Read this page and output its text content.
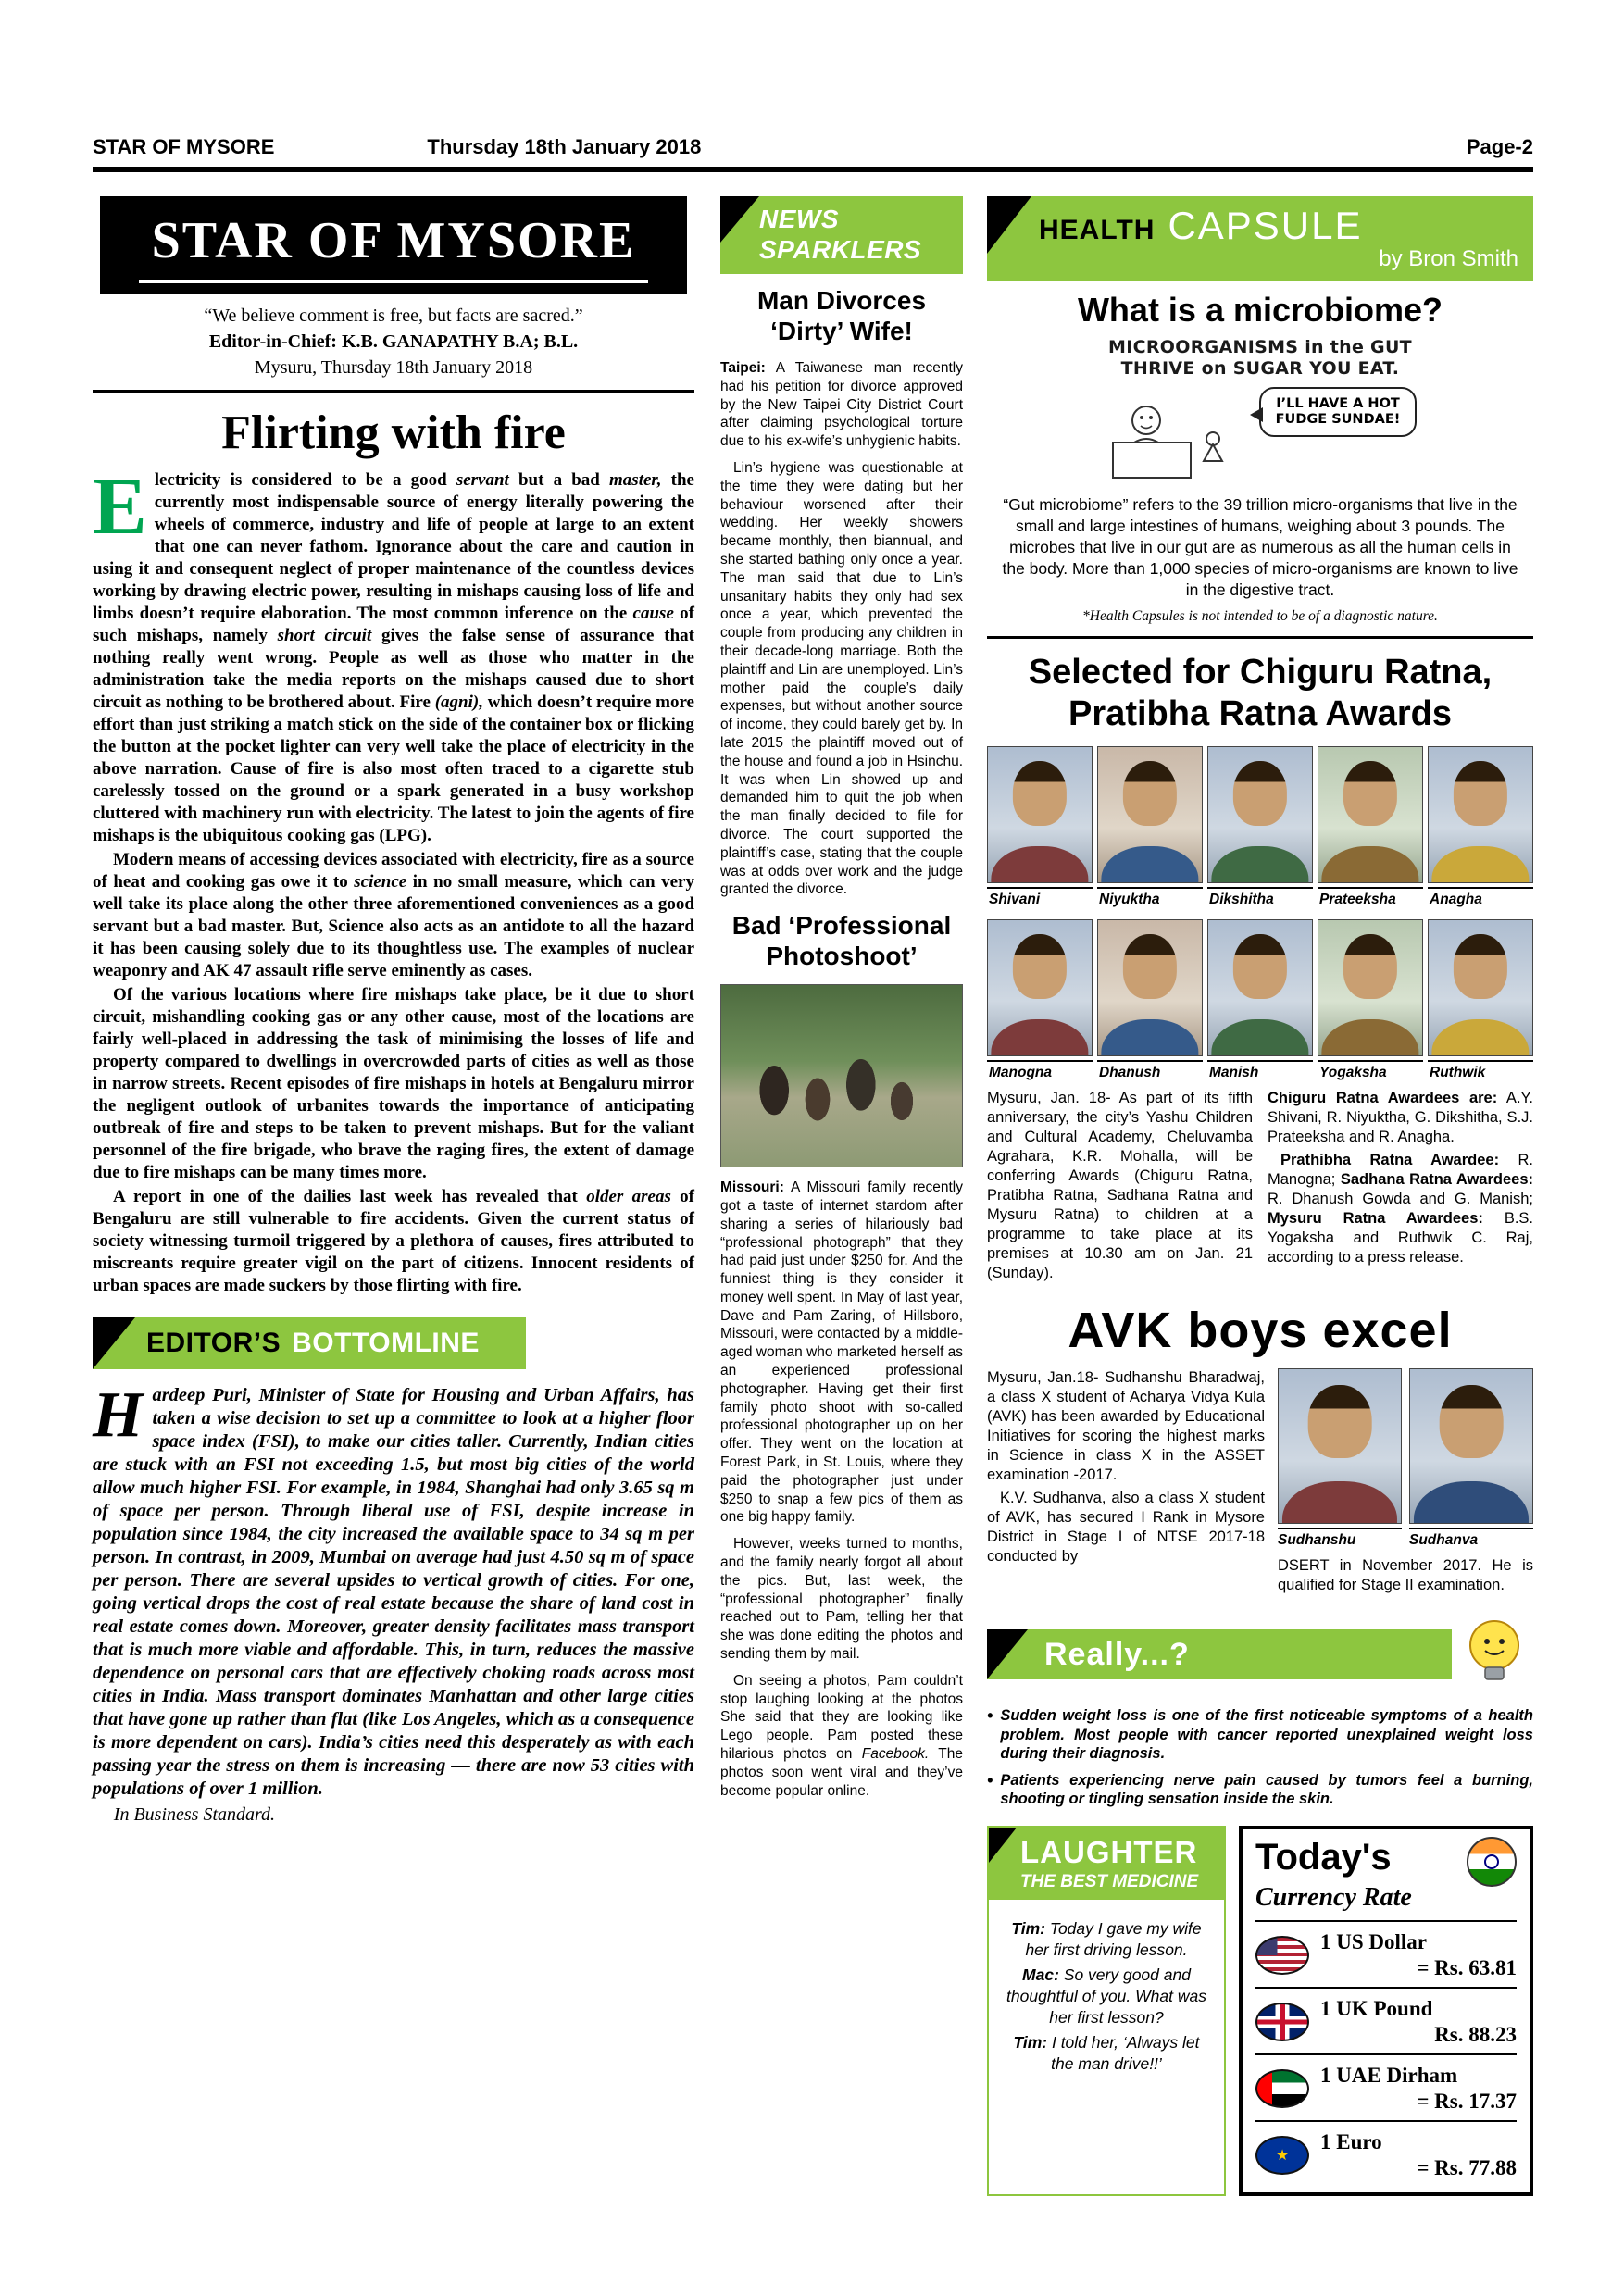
STAR OF MYSORE	Thursday 18th January 2018	Page-2
STAR OF MYSORE
“We believe comment is free, but facts are sacred.”
Editor-in-Chief: K.B. GANAPATHY B.A; B.L.
Mysuru, Thursday 18th January 2018
Flirting with fire

Electricity is considered to be a good servant but a bad master, the currently most indispensable source of energy literally powering the wheels of commerce, industry and life of people at large to an extent that one can never fathom. Ignorance about the care and caution in using it and consequent neglect of proper maintenance of the countless devices working by drawing electric power, resulting in mishaps causing loss of life and limbs doesn’t require elaboration. The most common inference on the cause of such mishaps, namely short circuit gives the false sense of assurance that nothing really went wrong. People as well as those who matter in the administration take the media reports on the mishaps caused due to short circuit as nothing to be brothered about. Fire (agni), which doesn’t require more effort than just striking a match stick on the side of the container box or flicking the button at the pocket lighter can very well take the place of electricity in the above narration. Cause of fire is also most often traced to a cigarette stub carelessly tossed on the ground or a spark generated in a busy workshop cluttered with machinery run with electricity. The latest to join the agents of fire mishaps is the ubiquitous cooking gas (LPG).

Modern means of accessing devices associated with electricity, fire as a source of heat and cooking gas owe it to science in no small measure, which can very well take its place along the other three aforementioned conveniences as a good servant but a bad master. But, Science also acts as an antidote to all the hazard it has been causing solely due to its thoughtless use. The examples of nuclear weaponry and AK 47 assault rifle serve eminently as cases.

Of the various locations where fire mishaps take place, be it due to short circuit, mishandling cooking gas or any other cause, most of the locations are fairly well-placed in addressing the task of minimising the losses of life and property compared to dwellings in overcrowded parts of cities as well as those in narrow streets. Recent episodes of fire mishaps in hotels at Bengaluru mirror the negligent outlook of urbanites towards the importance of anticipating outbreak of fire and steps to be taken to prevent mishaps. But for the valiant personnel of the fire brigade, who brave the raging fires, the extent of damage due to fire mishaps can be many times more.

A report in one of the dailies last week has revealed that older areas of Bengaluru are still vulnerable to fire accidents. Given the current status of society witnessing turmoil triggered by a plethora of causes, fires attributed to miscreants require greater vigil on the part of citizens. Innocent residents of urban spaces are made suckers by those flirting with fire.

EDITOR’S BOTTOMLINE

Hardeep Puri, Minister of State for Housing and Urban Affairs, has taken a wise decision to set up a committee to look at a higher floor space index (FSI), to make our cities taller. Currently, Indian cities are stuck with an FSI not exceeding 1.5, but most big cities of the world allow much higher FSI. For example, in 1984, Shanghai had only 3.65 sq m of space per person. Through liberal use of FSI, despite increase in population since 1984, the city increased the available space to 34 sq m per person. In contrast, in 2009, Mumbai on average had just 4.50 sq m of space per person. There are several upsides to vertical growth of cities. For one, going vertical drops the cost of real estate because the share of land cost in real estate comes down. Moreover, greater density facilitates mass transport that is much more viable and affordable. This, in turn, reduces the massive dependence on personal cars that are effectively choking roads across most cities in India. Mass transport dominates Manhattan and other large cities that have gone up rather than flat (like Los Angeles, which as a consequence is more dependent on cars). India’s cities need this desperately as with each passing year the stress on them is increasing — there are now 53 cities with populations of over 1 million.

— In Business Standard.

NEWS
SPARKLERS
Man Divorces ‘Dirty’ Wife!

Taipei: A Taiwanese man recently had his petition for divorce approved by the New Taipei City District Court after claiming psychological torture due to his ex-wife’s unhygienic habits.

Lin’s hygiene was questionable at the time they were dating but her behaviour worsened after their wedding. Her weekly showers became monthly, then biannual, and she started bathing only once a year. The man said that due to Lin’s unsanitary habits they only had sex once a year, which prevented the couple from producing any children in their decade-long marriage. Both the plaintiff and Lin are unemployed. Lin’s mother paid the couple’s daily expenses, but without another source of income, they could barely get by. In late 2015 the plaintiff moved out of the house and found a job in Hsinchu. It was when Lin showed up and demanded him to quit the job when the man finally decided to file for divorce. The court supported the plaintiff’s case, stating that the couple was at odds over work and the judge granted the divorce.

Bad ‘Professional Photoshoot’

Missouri: A Missouri family recently got a taste of internet stardom after sharing a series of hilariously bad “professional photograph” that they had paid just under $250 for. And the funniest thing is they consider it money well spent. In May of last year, Dave and Pam Zaring, of Hillsboro, Missouri, were contacted by a middle-aged woman who marketed herself as an experienced professional photographer. Having get their first family photo shoot with so-called professional photographer up on her offer. They went on the location at Forest Park, in St. Louis, where they paid the photographer just under $250 to snap a few pics of them as one big happy family.

However, weeks turned to months, and the family nearly forgot all about the pics. But, last week, the “professional photographer” finally reached out to Pam, telling her that she was done editing the photos and sending them by mail.

On seeing a photos, Pam couldn’t stop laughing looking at the photos She said that they are looking like Lego people. Pam posted these hilarious photos on Facebook. The photos soon went viral and they’ve become popular online.

HEALTH CAPSULE
by Bron Smith
What is a microbiome?
MICROORGANISMS in the GUT
THRIVE on SUGAR YOU EAT.
I’LL HAVE A HOT FUDGE SUNDAE!

“Gut microbiome” refers to the 39 trillion micro-organisms that live in the small and large intestines of humans, weighing about 3 pounds. The microbes that live in our gut are as numerous as all the human cells in the body. More than 1,000 species of micro-organisms are known to live in the digestive tract.

*Health Capsules is not intended to be of a diagnostic nature.

Selected for Chiguru Ratna,
Pratibha Ratna Awards
Shivani	Niyuktha	Dikshitha	Prateeksha	Anagha
Manogna	Dhanush	Manish	Yogaksha	Ruthwik

Mysuru, Jan. 18- As part of its fifth anniversary, the city’s Yashu Children and Cultural Academy, Cheluvamba Agrahara, K.R. Mohalla, will be conferring Awards (Chiguru Ratna, Pratibha Ratna, Sadhana Ratna and Mysuru Ratna) to children at a programme to take place at its premises at 10.30 am on Jan. 21 (Sunday).

Chiguru Ratna Awardees are: A.Y. Shivani, R. Niyuktha, G. Dikshitha, S.J. Prateeksha and R. Anagha.

Prathibha Ratna Awardee: R. Manogna; Sadhana Ratna Awardees: R. Dhanush Gowda and G. Manish; Mysuru Ratna Awardees: B.S. Yogaksha and Ruthwik C. Raj, according to a press release.

AVK boys excel

Mysuru, Jan.18- Sudhanshu Bharadwaj, a class X student of Acharya Vidya Kula (AVK) has been awarded by Educational Initiatives for scoring the highest marks in Science in class X in the ASSET examination -2017.

K.V. Sudhanva, also a class X student of AVK, has secured I Rank in Mysore District in Stage I of NTSE 2017-18 conducted by

Sudhanshu	Sudhanva

DSERT in November 2017. He is qualified for Stage II examination.

Really...?
• Sudden weight loss is one of the first noticeable symptoms of a health problem. Most people with cancer reported unexplained weight loss during their diagnosis.
• Patients experiencing nerve pain caused by tumors feel a burning, shooting or tingling sensation inside the skin.
LAUGHTER
THE BEST MEDICINE

Tim: Today I gave my wife her first driving lesson.

Mac: So very good and thoughtful of you. What was her first lesson?

Tim: I told her, ‘Always let the man drive!!’

Today's
Currency Rate
1 US Dollar
= Rs. 63.81
1 UK Pound
Rs. 88.23
1 UAE Dirham
= Rs. 17.37
★
1 Euro
= Rs. 77.88
